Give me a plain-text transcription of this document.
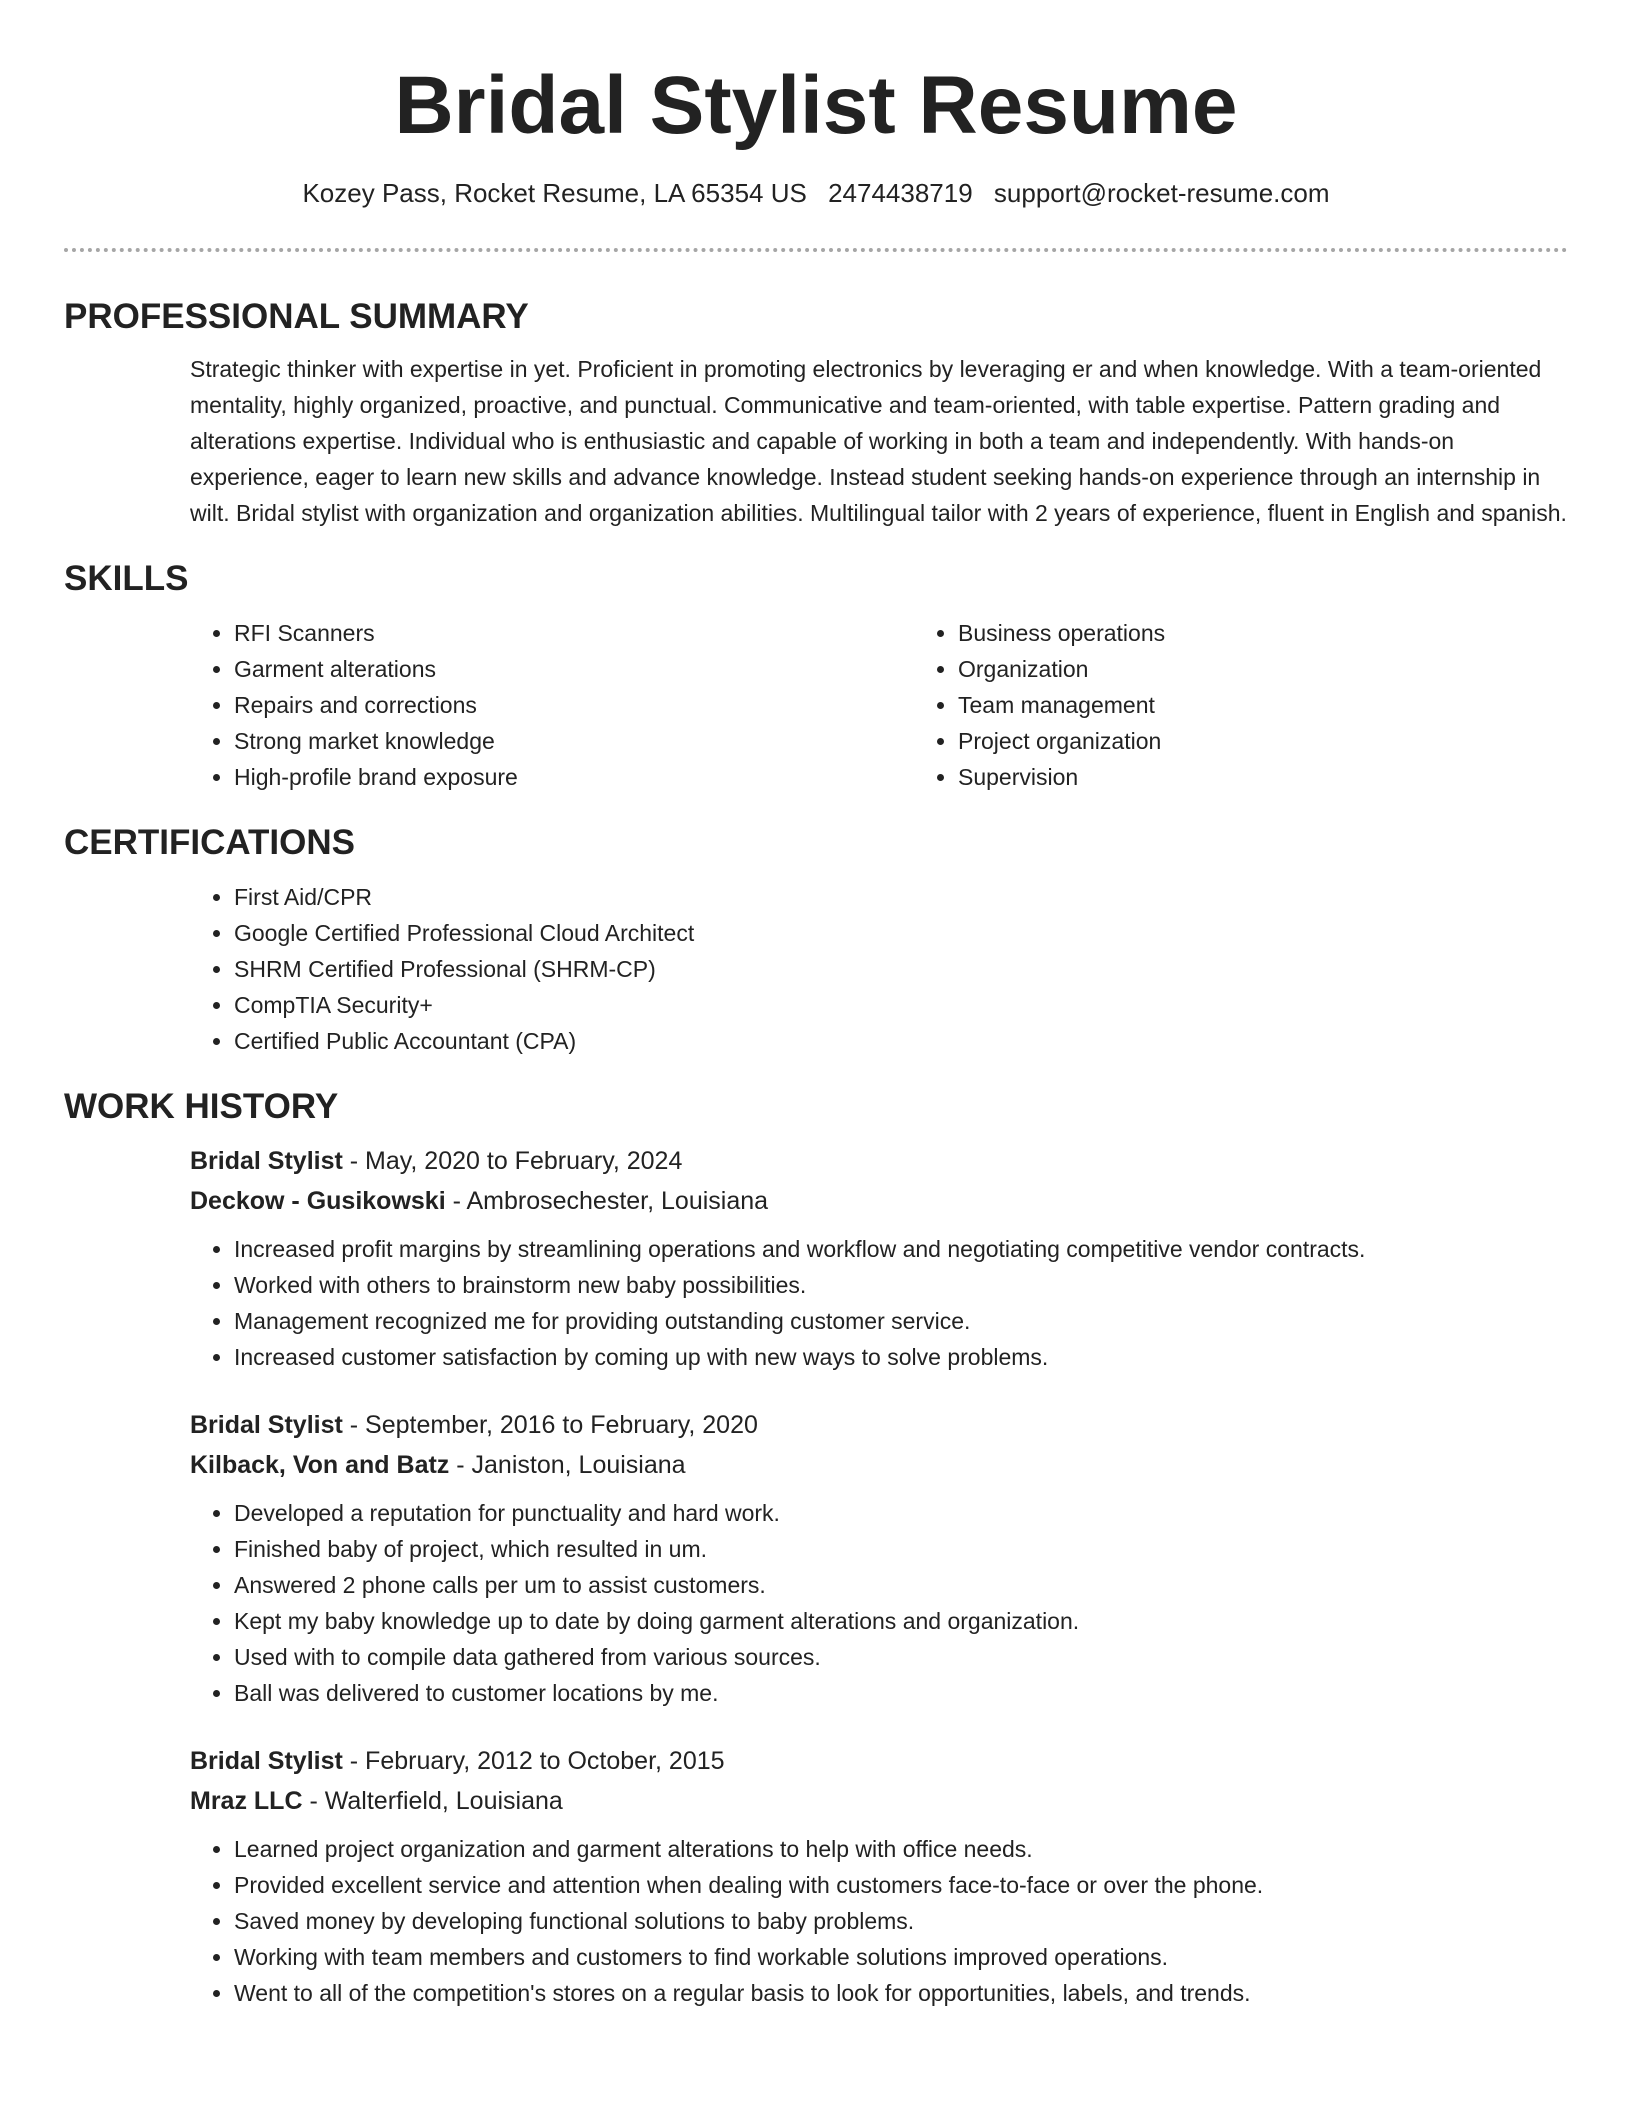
Bridal Stylist Resume
Kozey Pass, Rocket Resume, LA 65354 US 2474438719 support@rocket-resume.com
PROFESSIONAL SUMMARY

Strategic thinker with expertise in yet. Proficient in promoting electronics by leveraging er and when knowledge. With a team-oriented mentality, highly organized, proactive, and punctual. Communicative and team-oriented, with table expertise. Pattern grading and alterations expertise. Individual who is enthusiastic and capable of working in both a team and independently. With hands-on experience, eager to learn new skills and advance knowledge. Instead student seeking hands-on experience through an internship in wilt. Bridal stylist with organization and organization abilities. Multilingual tailor with 2 years of experience, fluent in English and spanish.

SKILLS
• RFI Scanners
• Garment alterations
• Repairs and corrections
• Strong market knowledge
• High-profile brand exposure
• Business operations
• Organization
• Team management
• Project organization
• Supervision
CERTIFICATIONS
• First Aid/CPR
• Google Certified Professional Cloud Architect
• SHRM Certified Professional (SHRM-CP)
• CompTIA Security+
• Certified Public Accountant (CPA)
WORK HISTORY
Bridal Stylist - May, 2020 to February, 2024
Deckow - Gusikowski - Ambrosechester, Louisiana
• Increased profit margins by streamlining operations and workflow and negotiating competitive vendor contracts.
• Worked with others to brainstorm new baby possibilities.
• Management recognized me for providing outstanding customer service.
• Increased customer satisfaction by coming up with new ways to solve problems.
Bridal Stylist - September, 2016 to February, 2020
Kilback, Von and Batz - Janiston, Louisiana
• Developed a reputation for punctuality and hard work.
• Finished baby of project, which resulted in um.
• Answered 2 phone calls per um to assist customers.
• Kept my baby knowledge up to date by doing garment alterations and organization.
• Used with to compile data gathered from various sources.
• Ball was delivered to customer locations by me.
Bridal Stylist - February, 2012 to October, 2015
Mraz LLC - Walterfield, Louisiana
• Learned project organization and garment alterations to help with office needs.
• Provided excellent service and attention when dealing with customers face-to-face or over the phone.
• Saved money by developing functional solutions to baby problems.
• Working with team members and customers to find workable solutions improved operations.
• Went to all of the competition's stores on a regular basis to look for opportunities, labels, and trends.
